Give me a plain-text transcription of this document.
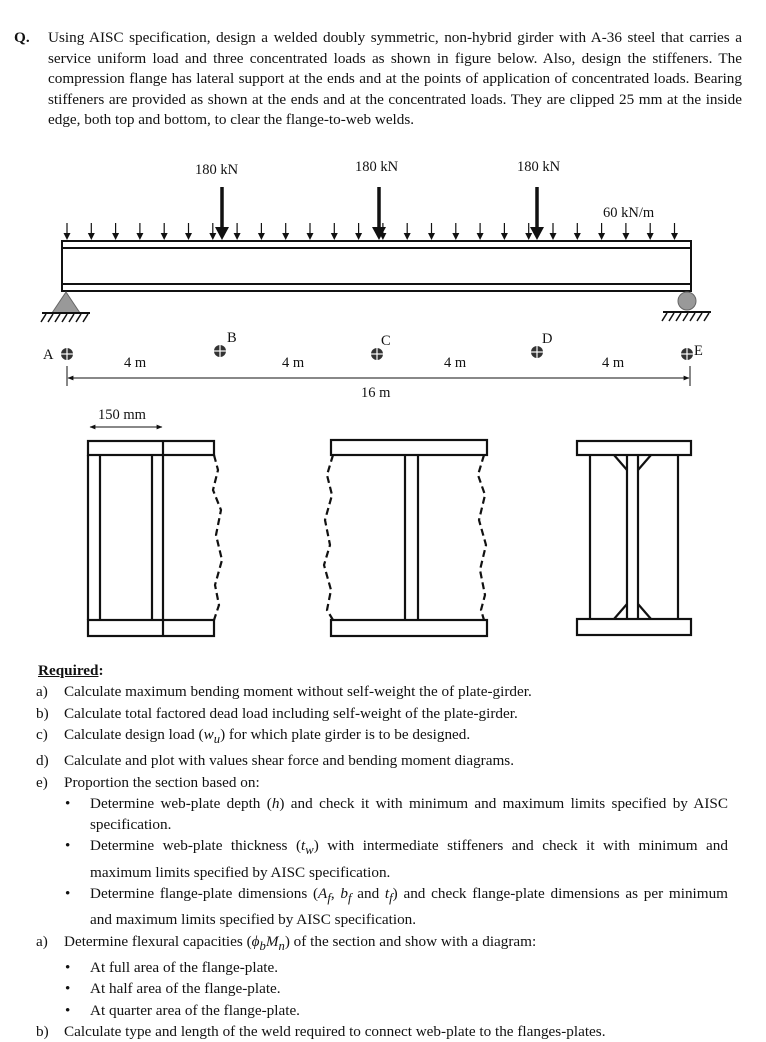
Q. Using AISC specification, design a welded doubly symmetric, non-hybrid girder with A-36 steel that carries a service uniform load and three concentrated loads as shown in figure below. Also, design the stiffeners. The compression flange has lateral support at the ends and at the points of application of concentrated loads. Bearing stiffeners are provided as shown at the ends and at the concentrated loads. They are clipped 25 mm at the inside edge, both top and bottom, to clear the flange-to-web welds.
180 kN	180 kN	180 kN
60 kN/m
A
B	C	D
E
4 m	4 m	4 m	4 m
16 m
150 mm
Required:
a)	Calculate maximum bending moment without self-weight the of plate-girder.
b)	Calculate total factored dead load including self-weight of the plate-girder.
c)	Calculate design load $(w_u)$ for which plate girder is to be designed.
d)	Calculate and plot with values shear force and bending moment diagrams.
e)	Proportion the section based on:
• Determine web-plate depth (h) and check it with minimum and maximum limits specified by AISC specification.
• Determine web-plate thickness $(t_w)$ with intermediate stiffeners and check it with minimum and maximum limits specified by AISC specification.
• Determine flange-plate dimensions ($A_f$, $b_f$ and $t_f$) and check flange-plate dimensions as per minimum and maximum limits specified by AISC specification.
a)	Determine flexural capacities $(\phi_bM_n)$ of the section and show with a diagram:
• At full area of the flange-plate.
• At half area of the flange-plate.
• At quarter area of the flange-plate.
b)	Calculate type and length of the weld required to connect web-plate to the flanges-plates.
